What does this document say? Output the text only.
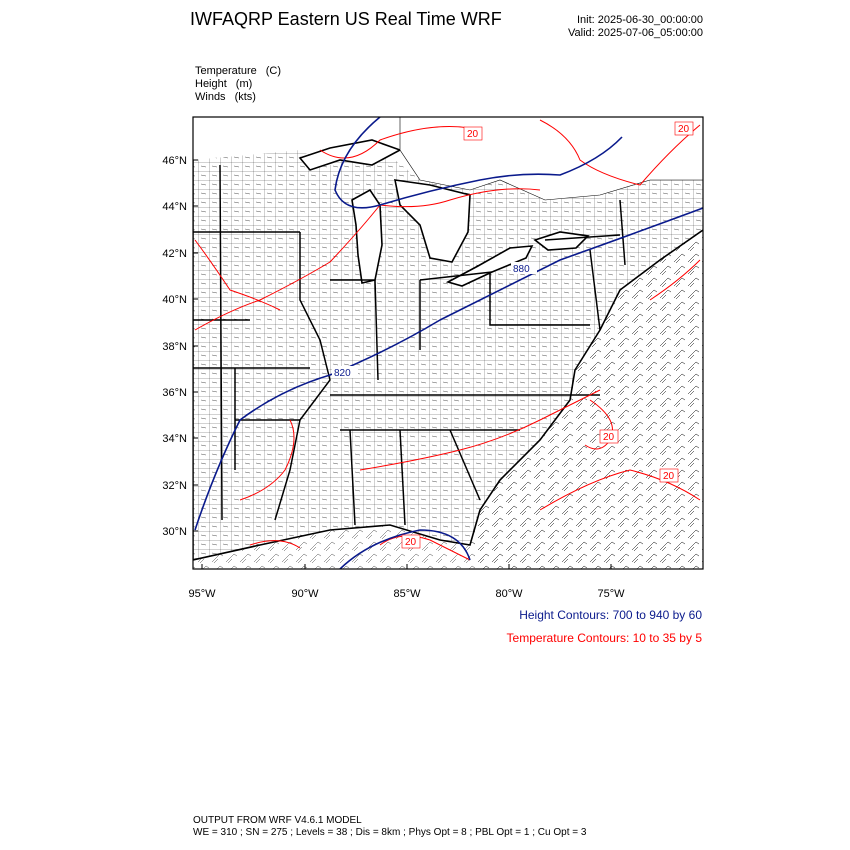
IWFAQRP Eastern US Real Time WRF	Init: 2025-06-30_00:00:00
Valid: 2025-07-06_05:00:00
Temperature (C)
Height (m)
Winds (kts)
880
820
20	20
20
20
20
46°N
44°N
42°N
40°N
38°N
36°N
34°N
32°N
30°N
95°W	90°W	85°W	80°W	75°W
Height Contours: 700 to 940 by 60
Temperature Contours: 10 to 35 by 5
OUTPUT FROM WRF V4.6.1 MODEL
WE = 310 ; SN = 275 ; Levels = 38 ; Dis = 8km ; Phys Opt = 8 ; PBL Opt = 1 ; Cu Opt = 3
